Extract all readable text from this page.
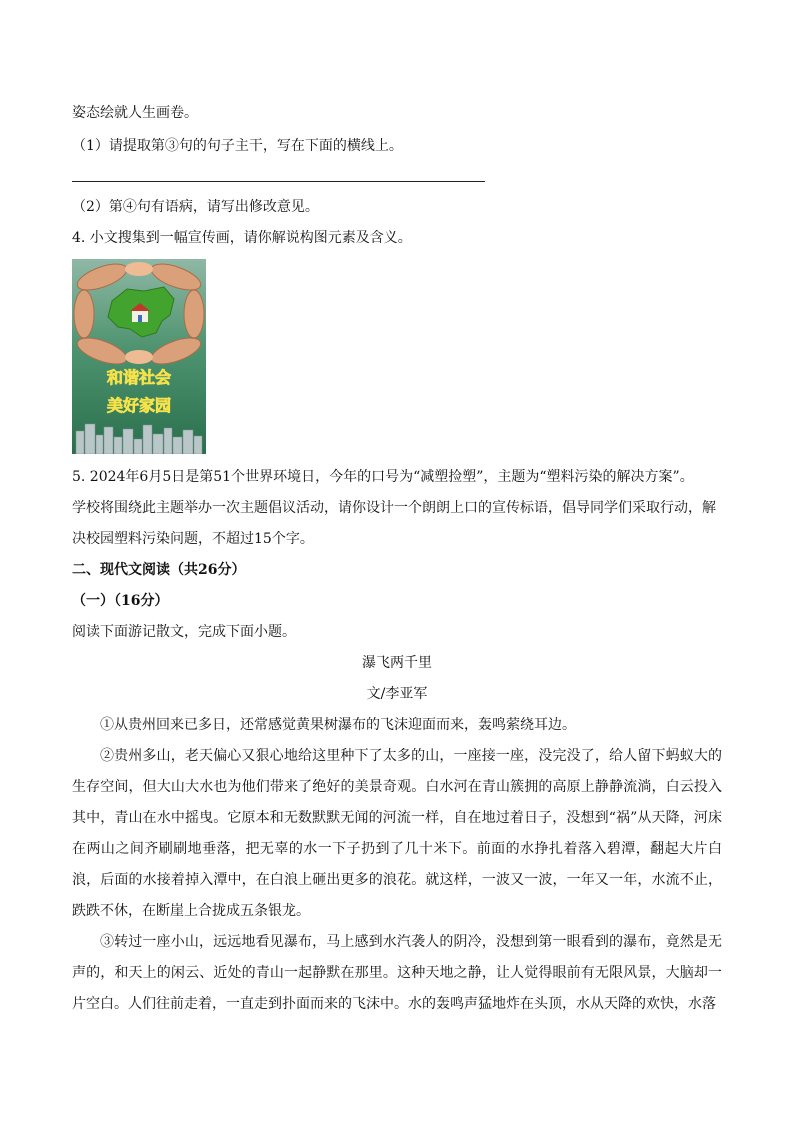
姿态绘就人生画卷。
（1）请提取第③句的句子主干，写在下面的横线上。
（2）第④句有语病，请写出修改意见。
4. 小文搜集到一幅宣传画，请你解说构图元素及含义。
和谐社会
美好家园
5. 2024年6月5日是第51个世界环境日，今年的口号为“减塑捡塑”，主题为“塑料污染的解决方案”。
学校将围绕此主题举办一次主题倡议活动，请你设计一个朗朗上口的宣传标语，倡导同学们采取行动，解
决校园塑料污染问题，不超过15个字。
二、现代文阅读（共26分）
（一）（16分）
阅读下面游记散文，完成下面小题。
瀑飞两千里
文/李亚军
①从贵州回来已多日，还常感觉黄果树瀑布的飞沫迎面而来，轰鸣萦绕耳边。
②贵州多山，老天偏心又狠心地给这里种下了太多的山，一座接一座，没完没了，给人留下蚂蚁大的生存空间，但大山大水也为他们带来了绝好的美景奇观。白水河在青山簇拥的高原上静静流淌，白云投入其中，青山在水中摇曳。它原本和无数默默无闻的河流一样，自在地过着日子，没想到“祸”从天降，河床在两山之间齐刷刷地垂落，把无辜的水一下子扔到了几十米下。前面的水挣扎着落入碧潭，翻起大片白浪，后面的水接着掉入潭中，在白浪上砸出更多的浪花。就这样，一波又一波，一年又一年，水流不止，跌跌不休，在断崖上合拢成五条银龙。
③转过一座小山，远远地看见瀑布，马上感到水汽袭人的阴冷，没想到第一眼看到的瀑布，竟然是无声的，和天上的闲云、近处的青山一起静默在那里。这种天地之静，让人觉得眼前有无限风景，大脑却一片空白。人们往前走着，一直走到扑面而来的飞沫中。水的轰鸣声猛地炸在头顶，水从天降的欢快，水落
